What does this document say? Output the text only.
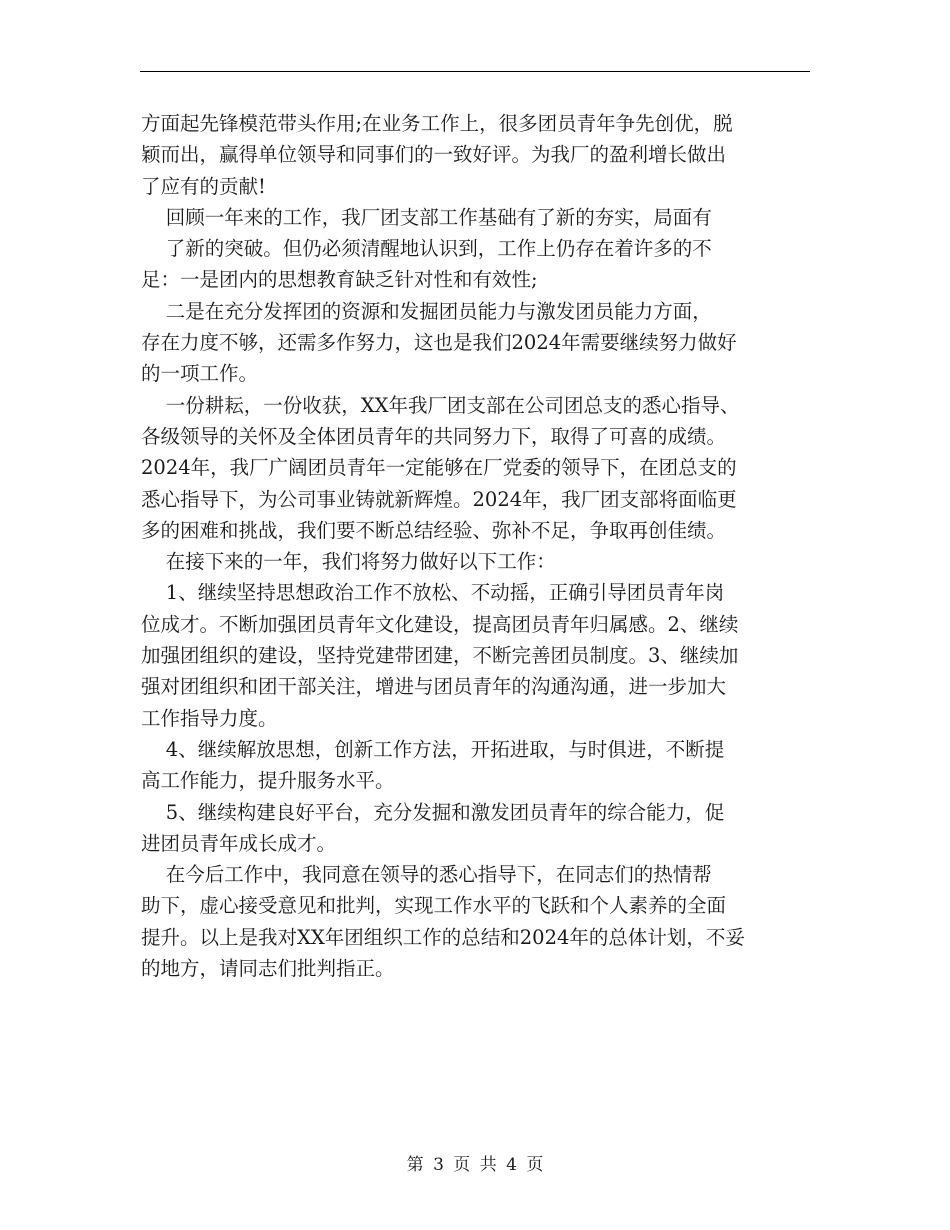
方面起先锋模范带头作用;在业务工作上，很多团员青年争先创优，脱
颖而出，赢得单位领导和同事们的一致好评。为我厂的盈利增长做出
了应有的贡献!
回顾一年来的工作，我厂团支部工作基础有了新的夯实，局面有
了新的突破。但仍必须清醒地认识到，工作上仍存在着许多的不
足：一是团内的思想教育缺乏针对性和有效性;
二是在充分发挥团的资源和发掘团员能力与激发团员能力方面，
存在力度不够，还需多作努力，这也是我们2024年需要继续努力做好
的一项工作。
一份耕耘，一份收获，XX年我厂团支部在公司团总支的悉心指导、
各级领导的关怀及全体团员青年的共同努力下，取得了可喜的成绩。
2024年，我厂广阔团员青年一定能够在厂党委的领导下，在团总支的
悉心指导下，为公司事业铸就新辉煌。2024年，我厂团支部将面临更
多的困难和挑战，我们要不断总结经验、弥补不足，争取再创佳绩。
在接下来的一年，我们将努力做好以下工作：
1、继续坚持思想政治工作不放松、不动摇，正确引导团员青年岗
位成才。不断加强团员青年文化建设，提高团员青年归属感。2、继续
加强团组织的建设，坚持党建带团建，不断完善团员制度。3、继续加
强对团组织和团干部关注，增进与团员青年的沟通沟通，进一步加大
工作指导力度。
4、继续解放思想，创新工作方法，开拓进取，与时俱进，不断提
高工作能力，提升服务水平。
5、继续构建良好平台，充分发掘和激发团员青年的综合能力，促
进团员青年成长成才。
在今后工作中，我同意在领导的悉心指导下，在同志们的热情帮
助下，虚心接受意见和批判，实现工作水平的飞跃和个人素养的全面
提升。以上是我对XX年团组织工作的总结和2024年的总体计划，不妥
的地方，请同志们批判指正。
第 3 页 共 4 页
